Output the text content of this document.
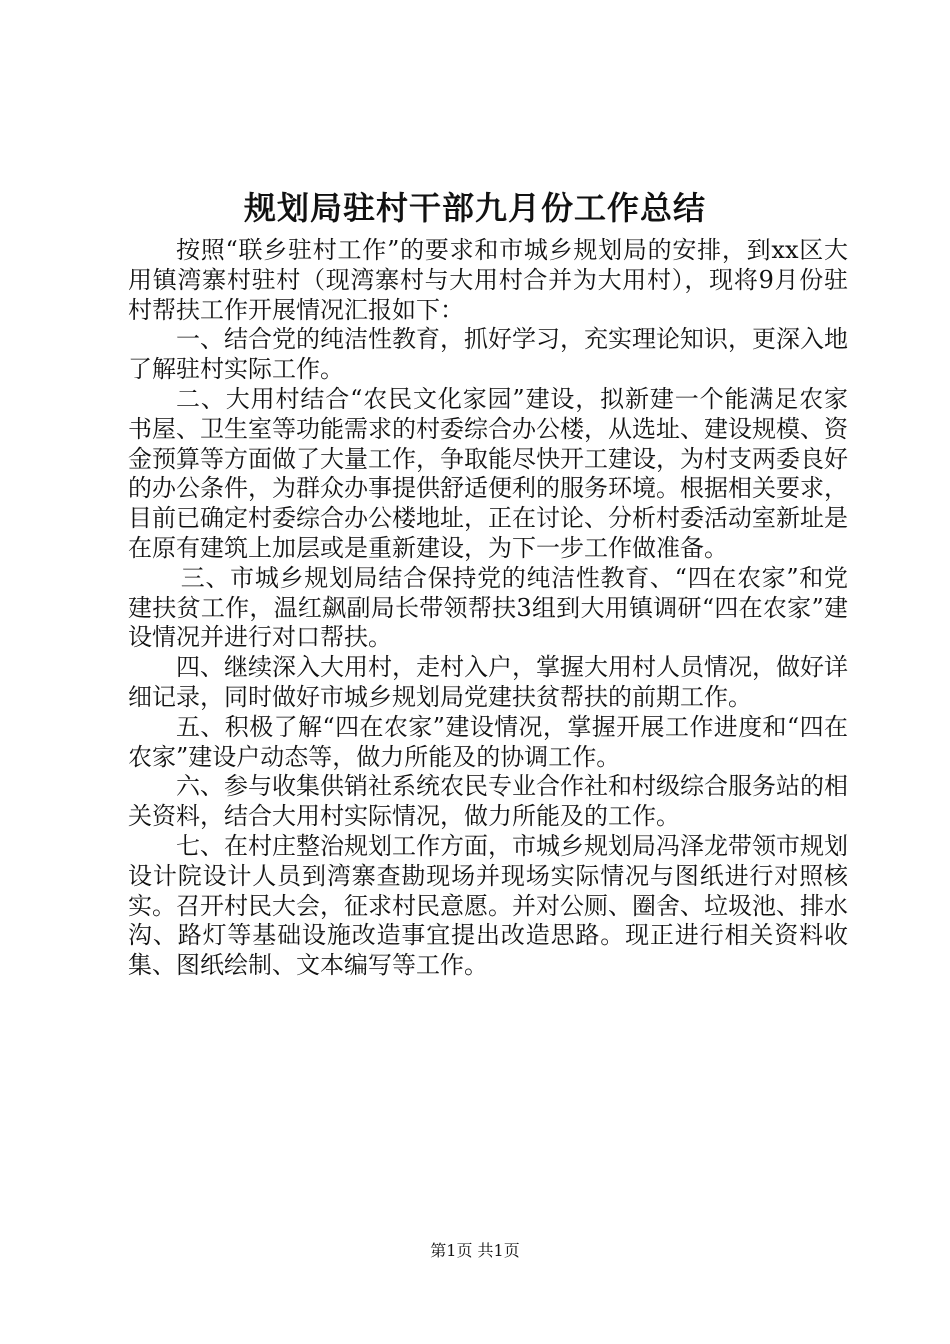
规划局驻村干部九月份工作总结

按照“联乡驻村工作”的要求和市城乡规划局的安排，到xx区大用镇湾寨村驻村（现湾寨村与大用村合并为大用村），现将9月份驻村帮扶工作开展情况汇报如下：

一、结合党的纯洁性教育，抓好学习，充实理论知识，更深入地了解驻村实际工作。

二、大用村结合“农民文化家园”建设，拟新建一个能满足农家书屋、卫生室等功能需求的村委综合办公楼，从选址、建设规模、资金预算等方面做了大量工作，争取能尽快开工建设，为村支两委良好的办公条件，为群众办事提供舒适便利的服务环境。根据相关要求，目前已确定村委综合办公楼地址，正在讨论、分析村委活动室新址是在原有建筑上加层或是重新建设，为下一步工作做准备。

三、市城乡规划局结合保持党的纯洁性教育、“四在农家”和党建扶贫工作，温红飙副局长带领帮扶3组到大用镇调研“四在农家”建设情况并进行对口帮扶。

四、继续深入大用村，走村入户，掌握大用村人员情况，做好详细记录，同时做好市城乡规划局党建扶贫帮扶的前期工作。

五、积极了解“四在农家”建设情况，掌握开展工作进度和“四在农家”建设户动态等，做力所能及的协调工作。

六、参与收集供销社系统农民专业合作社和村级综合服务站的相关资料，结合大用村实际情况，做力所能及的工作。

七、在村庄整治规划工作方面，市城乡规划局冯泽龙带领市规划设计院设计人员到湾寨查勘现场并现场实际情况与图纸进行对照核实。召开村民大会，征求村民意愿。并对公厕、圈舍、垃圾池、排水沟、路灯等基础设施改造事宜提出改造思路。现正进行相关资料收集、图纸绘制、文本编写等工作。

第1页 共1页
